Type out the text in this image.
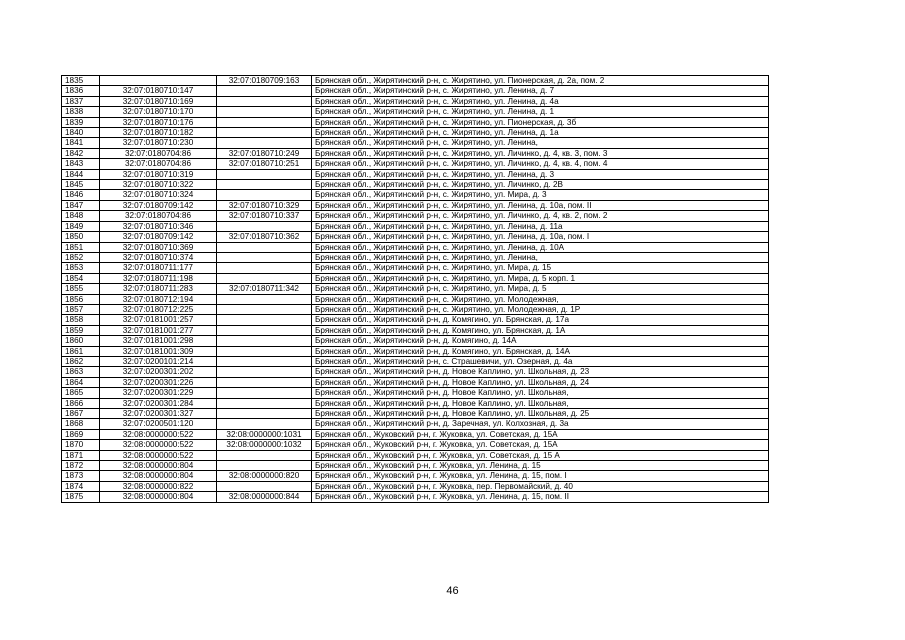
1835		32:07:0180709:163	Брянская обл., Жирятинский р-н, с. Жирятино, ул. Пионерская, д. 2а, пом. 2
1836	32:07:0180710:147		Брянская обл., Жирятинский р-н, с. Жирятино, ул. Ленина, д. 7
1837	32:07:0180710:169		Брянская обл., Жирятинский р-н, с. Жирятино, ул. Ленина, д. 4а
1838	32:07:0180710:170		Брянская обл., Жирятинский р-н, с. Жирятино, ул. Ленина, д. 1
1839	32:07:0180710:176		Брянская обл., Жирятинский р-н, с. Жирятино, ул. Пионерская, д. 3б
1840	32:07:0180710:182		Брянская обл., Жирятинский р-н, с. Жирятино, ул. Ленина, д. 1а
1841	32:07:0180710:230		Брянская обл., Жирятинский р-н, с. Жирятино, ул. Ленина,
1842	32:07:0180704:86	32:07:0180710:249	Брянская обл., Жирятинский р-н, с. Жирятино, ул. Личинко, д. 4, кв. 3, пом. 3
1843	32:07:0180704:86	32:07:0180710:251	Брянская обл., Жирятинский р-н, с. Жирятино, ул. Личинко, д. 4, кв. 4, пом. 4
1844	32:07:0180710:319		Брянская обл., Жирятинский р-н, с. Жирятино, ул. Ленина, д. 3
1845	32:07:0180710:322		Брянская обл., Жирятинский р-н, с. Жирятино, ул. Личинко, д. 2В
1846	32:07:0180710:324		Брянская обл., Жирятинский р-н, с. Жирятино, ул. Мира, д. 3
1847	32:07:0180709:142	32:07:0180710:329	Брянская обл., Жирятинский р-н, с. Жирятино, ул. Ленина, д. 10а, пом. II
1848	32:07:0180704:86	32:07:0180710:337	Брянская обл., Жирятинский р-н, с. Жирятино, ул. Личинко, д. 4, кв. 2, пом. 2
1849	32:07:0180710:346		Брянская обл., Жирятинский р-н, с. Жирятино, ул. Ленина, д. 11а
1850	32:07:0180709:142	32:07:0180710:362	Брянская обл., Жирятинский р-н, с. Жирятино, ул. Ленина, д. 10а, пом. I
1851	32:07:0180710:369		Брянская обл., Жирятинский р-н, с. Жирятино, ул. Ленина, д. 10А
1852	32:07:0180710:374		Брянская обл., Жирятинский р-н, с. Жирятино, ул. Ленина,
1853	32:07:0180711:177		Брянская обл., Жирятинский р-н, с. Жирятино, ул. Мира, д. 15
1854	32:07:0180711:198		Брянская обл., Жирятинский р-н, с. Жирятино, ул. Мира, д. 5 корп. 1
1855	32:07:0180711:283	32:07:0180711:342	Брянская обл., Жирятинский р-н, с. Жирятино, ул. Мира, д. 5
1856	32:07:0180712:194		Брянская обл., Жирятинский р-н, с. Жирятино, ул. Молодежная,
1857	32:07:0180712:225		Брянская обл., Жирятинский р-н, с. Жирятино, ул. Молодежная, д. 1Р
1858	32:07:0181001:257		Брянская обл., Жирятинский р-н, д. Комягино, ул. Брянская, д. 17а
1859	32:07:0181001:277		Брянская обл., Жирятинский р-н, д. Комягино, ул. Брянская, д. 1А
1860	32:07:0181001:298		Брянская обл., Жирятинский р-н, д. Комягино, д. 14А
1861	32:07:0181001:309		Брянская обл., Жирятинский р-н, д. Комягино, ул. Брянская, д. 14А
1862	32:07:0200101:214		Брянская обл., Жирятинский р-н, с. Страшевичи, ул. Озерная, д. 4а
1863	32:07:0200301:202		Брянская обл., Жирятинский р-н, д. Новое Каплино, ул. Школьная, д. 23
1864	32:07:0200301:226		Брянская обл., Жирятинский р-н, д. Новое Каплино, ул. Школьная, д. 24
1865	32:07:0200301:229		Брянская обл., Жирятинский р-н, д. Новое Каплино, ул. Школьная,
1866	32:07:0200301:284		Брянская обл., Жирятинский р-н, д. Новое Каплино, ул. Школьная,
1867	32:07:0200301:327		Брянская обл., Жирятинский р-н, д. Новое Каплино, ул. Школьная, д. 25
1868	32:07:0200501:120		Брянская обл., Жирятинский р-н, д. Заречная, ул. Колхозная, д. 3а
1869	32:08:0000000:522	32:08:0000000:1031	Брянская обл., Жуковский р-н, г. Жуковка, ул. Советская, д. 15А
1870	32:08:0000000:522	32:08:0000000:1032	Брянская обл., Жуковский р-н, г. Жуковка, ул. Советская, д. 15А
1871	32:08:0000000:522		Брянская обл., Жуковский р-н, г. Жуковка, ул. Советская, д. 15 А
1872	32:08:0000000:804		Брянская обл., Жуковский р-н, г. Жуковка, ул. Ленина, д. 15
1873	32:08:0000000:804	32:08:0000000:820	Брянская обл., Жуковский р-н, г. Жуковка, ул. Ленина, д. 15, пом. I
1874	32:08:0000000:822		Брянская обл., Жуковский р-н, г. Жуковка, пер. Первомайский, д. 40
1875	32:08:0000000:804	32:08:0000000:844	Брянская обл., Жуковский р-н, г. Жуковка, ул. Ленина, д. 15, пом. II
46
